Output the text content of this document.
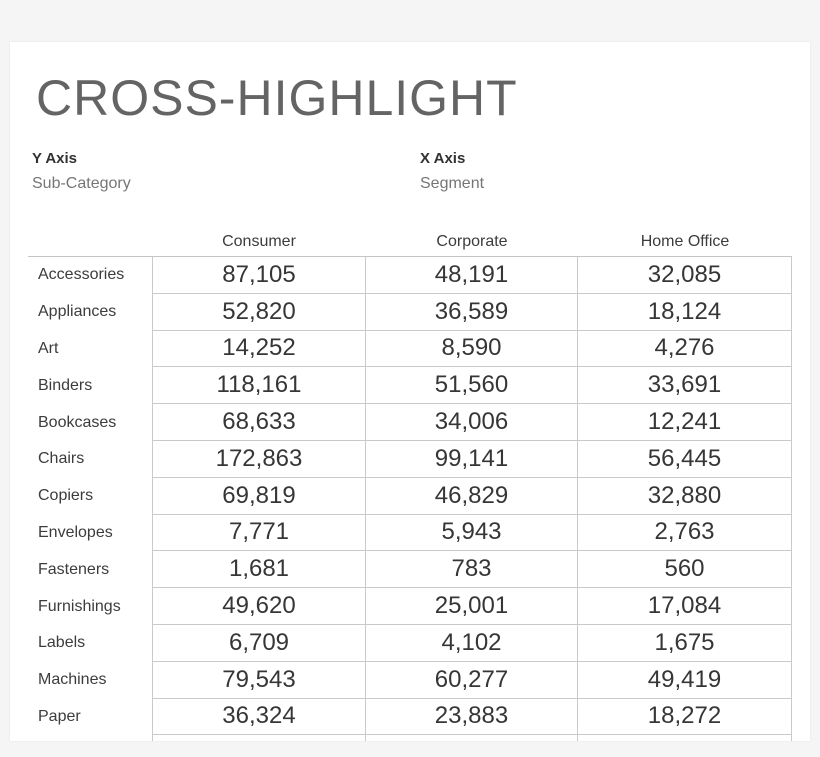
CROSS-HIGHLIGHT
Y Axis
Sub-Category
X Axis
Segment
Consumer	Corporate	Home Office
Accessories	87,105	48,191	32,085
Appliances	52,820	36,589	18,124
Art	14,252	8,590	4,276
Binders	118,161	51,560	33,691
Bookcases	68,633	34,006	12,241
Chairs	172,863	99,141	56,445
Copiers	69,819	46,829	32,880
Envelopes	7,771	5,943	2,763
Fasteners	1,681	783	560
Furnishings	49,620	25,001	17,084
Labels	6,709	4,102	1,675
Machines	79,543	60,277	49,419
Paper	36,324	23,883	18,272
